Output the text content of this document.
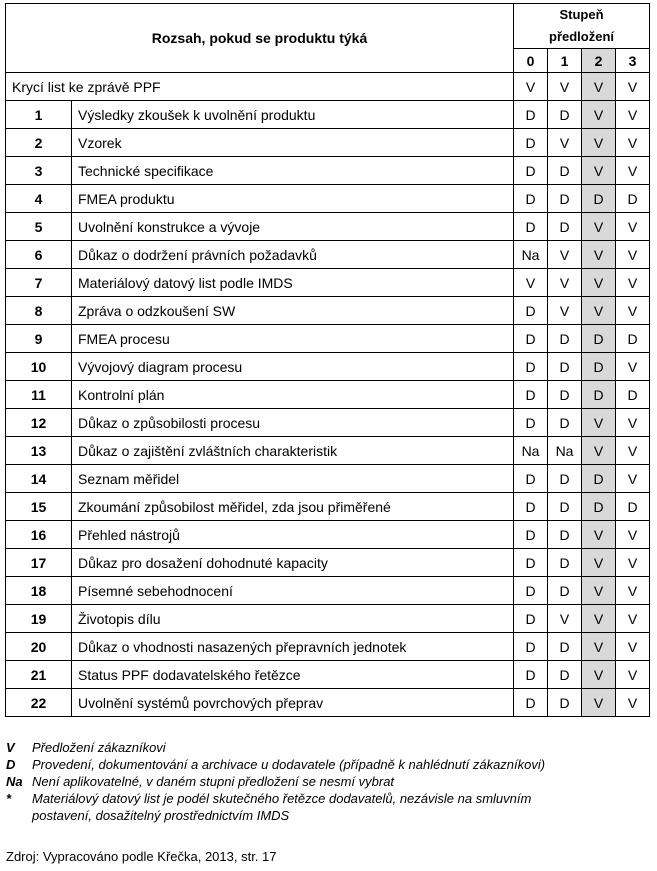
Rozsah, pokud se produktu týká		Stupeň
předložení			

		0	1	2	3
Krycí list ke zprávě PPF		V	V	V	V
1	Výsledky zkoušek k uvolnění produktu	D	D	V	V
2	Vzorek	D	V	V	V
3	Technické specifikace	D	D	V	V
4	FMEA produktu	D	D	D	D
5	Uvolnění konstrukce a vývoje	D	D	V	V
6	Důkaz o dodržení právních požadavků	Na	V	V	V
7	Materiálový datový list podle IMDS	V	V	V	V
8	Zpráva o odzkoušení SW	D	V	V	V
9	FMEA procesu	D	D	D	D
10	Vývojový diagram procesu	D	D	D	V
11	Kontrolní plán	D	D	D	D
12	Důkaz o způsobilosti procesu	D	D	V	V
13	Důkaz o zajištění zvláštních charakteristik	Na	Na	V	V
14	Seznam měřidel	D	D	D	V
15	Zkoumání způsobilost měřidel, zda jsou přiměřené	D	D	D	D
16	Přehled nástrojů	D	D	V	V
17	Důkaz pro dosažení dohodnuté kapacity	D	D	V	V
18	Písemné sebehodnocení	D	D	V	V
19	Životopis dílu	D	V	V	V
20	Důkaz o vhodnosti nasazených přepravních jednotek	D	D	V	V
21	Status PPF dodavatelského řetězce	D	D	V	V
22	Uvolnění systémů povrchových přeprav	D	D	V	V
V	Předložení zákazníkovi
D	Provedení, dokumentování a archivace u dodavatele (případně k nahlédnutí zákazníkovi)
Na Není aplikovatelné, v daném stupni předložení se nesmí vybrat
*	Materiálový datový list je podél skutečného řetězce dodavatelů, nezávisle na smluvním
postavení, dosažitelný prostřednictvím IMDS
Zdroj: Vypracováno podle Křečka, 2013, str. 17
